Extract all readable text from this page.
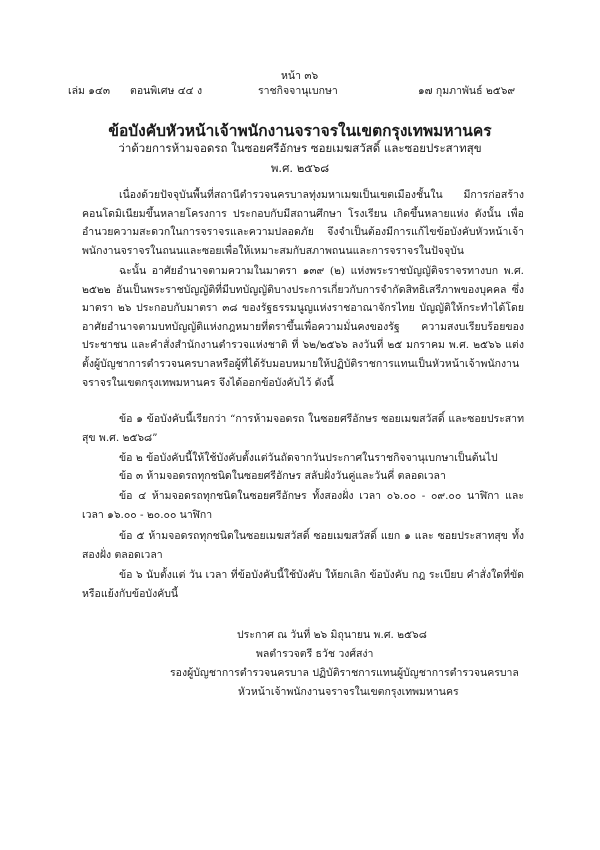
หน้า ๓๖
เล่ม ๑๔๓ ตอนพิเศษ ๔๔ ง	ราชกิจจานุเบกษา	๑๗ กุมภาพันธ์ ๒๕๖๙
ข้อบังคับหัวหน้าเจ้าพนักงานจราจรในเขตกรุงเทพมหานคร
ว่าด้วยการห้ามจอดรถ ในซอยศรีอักษร ซอยเมฆสวัสดิ์ และซอยประสาทสุข
พ.ศ. ๒๕๖๘
เนื่องด้วยปัจจุบันพื้นที่สถานีตำรวจนครบาลทุ่งมหาเมฆเป็นเขตเมืองชั้นใน มีการก่อสร้างคอนโดมิเนียมขึ้นหลายโครงการ ประกอบกับมีสถานศึกษา โรงเรียน เกิดขึ้นหลายแห่ง ดังนั้น เพื่ออำนวยความสะดวกในการจราจรและความปลอดภัย จึงจำเป็นต้องมีการแก้ไขข้อบังคับหัวหน้าเจ้าพนักงานจราจรในถนนและซอยเพื่อให้เหมาะสมกับสภาพถนนและการจราจรในปัจจุบัน
ฉะนั้น อาศัยอำนาจตามความในมาตรา ๑๓๙ (๒) แห่งพระราชบัญญัติจราจรทางบก พ.ศ. ๒๕๒๒ อันเป็นพระราชบัญญัติที่มีบทบัญญัติบางประการเกี่ยวกับการจำกัดสิทธิเสรีภาพของบุคคล ซึ่งมาตรา ๒๖ ประกอบกับมาตรา ๓๘ ของรัฐธรรมนูญแห่งราชอาณาจักรไทย บัญญัติให้กระทำได้โดยอาศัยอำนาจตามบทบัญญัติแห่งกฎหมายที่ตราขึ้นเพื่อความมั่นคงของรัฐ ความสงบเรียบร้อยของประชาชน และคำสั่งสำนักงานตำรวจแห่งชาติ ที่ ๖๒/๒๕๖๖ ลงวันที่ ๒๕ มกราคม พ.ศ. ๒๕๖๖ แต่งตั้งผู้บัญชาการตำรวจนครบาลหรือผู้ที่ได้รับมอบหมายให้ปฏิบัติราชการแทนเป็นหัวหน้าเจ้าพนักงานจราจรในเขตกรุงเทพมหานคร จึงได้ออกข้อบังคับไว้ ดังนี้
ข้อ ๑ ข้อบังคับนี้เรียกว่า “การห้ามจอดรถ ในซอยศรีอักษร ซอยเมฆสวัสดิ์ และซอยประสาทสุข พ.ศ. ๒๕๖๘”
ข้อ ๒ ข้อบังคับนี้ให้ใช้บังคับตั้งแต่วันถัดจากวันประกาศในราชกิจจานุเบกษาเป็นต้นไป
ข้อ ๓ ห้ามจอดรถทุกชนิดในซอยศรีอักษร สลับฝั่งวันคู่และวันคี่ ตลอดเวลา
ข้อ ๔ ห้ามจอดรถทุกชนิดในซอยศรีอักษร ทั้งสองฝั่ง เวลา ๐๖.๐๐ - ๐๙.๐๐ นาฬิกา และ เวลา ๑๖.๐๐ - ๒๐.๐๐ นาฬิกา
ข้อ ๕ ห้ามจอดรถทุกชนิดในซอยเมฆสวัสดิ์ ซอยเมฆสวัสดิ์ แยก ๑ และ ซอยประสาทสุข ทั้งสองฝั่ง ตลอดเวลา
ข้อ ๖ นับตั้งแต่ วัน เวลา ที่ข้อบังคับนี้ใช้บังคับ ให้ยกเลิก ข้อบังคับ กฎ ระเบียบ คำสั่งใดที่ขัดหรือแย้งกับข้อบังคับนี้
ประกาศ ณ วันที่ ๒๖ มิถุนายน พ.ศ. ๒๕๖๘
พลตำรวจตรี ธวัช วงศ์สง่า
รองผู้บัญชาการตำรวจนครบาล ปฏิบัติราชการแทนผู้บัญชาการตำรวจนครบาล
หัวหน้าเจ้าพนักงานจราจรในเขตกรุงเทพมหานคร
